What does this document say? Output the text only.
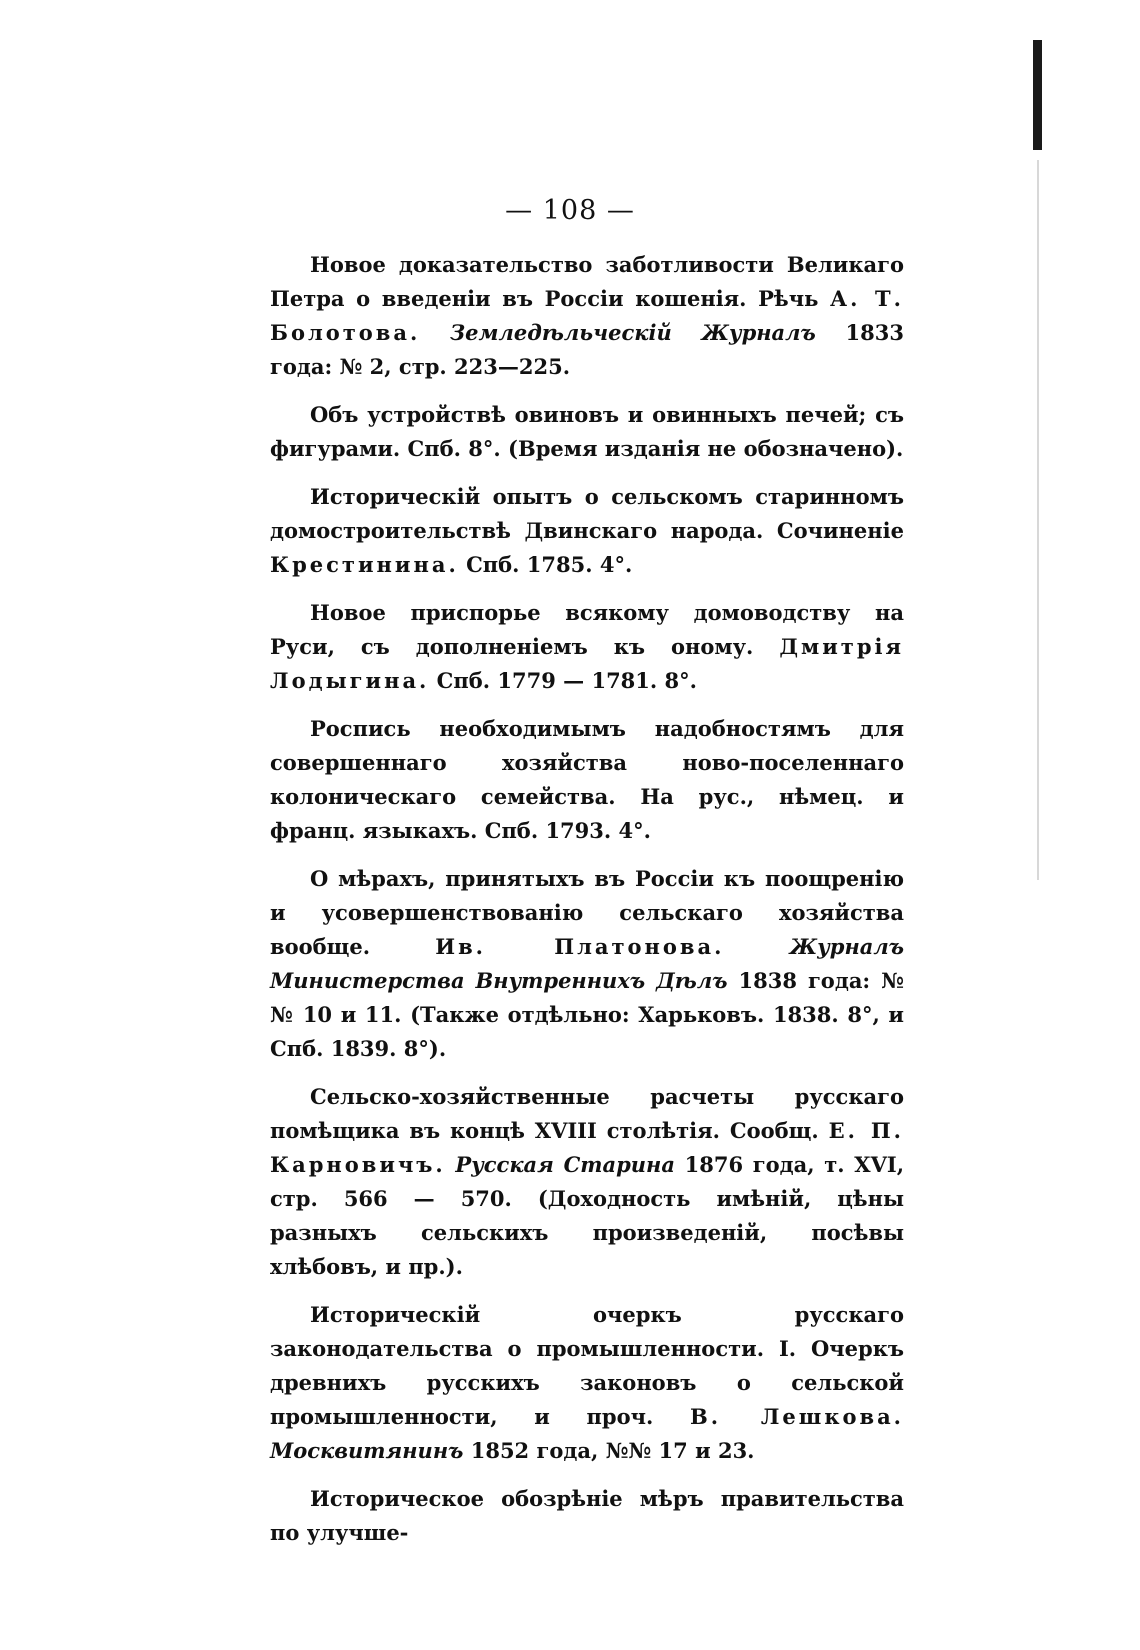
— 108 —

Новое доказательство заботливости Великаго Петра о введенiи въ Россiи кошенiя. Рѣчь А. Т. Болотова. Земледѣльческiй Журналъ 1833 года: № 2, стр. 223—225.

Объ устройствѣ овиновъ и овинныхъ печей; съ фигурами. Спб. 8°. (Время изданiя не обозначено).

Историческiй опытъ о сельскомъ старинномъ домостроительствѣ Двинскаго народа. Сочиненiе Крестинина. Спб. 1785. 4°.

Новое приспорье всякому домоводству на Руси, съ дополненiемъ къ оному. Дмитрiя Лодыгина. Спб. 1779 — 1781. 8°.

Роспись необходимымъ надобностямъ для совершеннаго хозяйства ново-поселеннаго колоническаго семейства. На рус., нѣмец. и франц. языкахъ. Спб. 1793. 4°.

О мѣрахъ, принятыхъ въ Россiи къ поощренiю и усовершенствованiю сельскаго хозяйства вообще. Ив. Платонова.	Журналъ Министерства Внутреннихъ Дѣлъ 1838 года: №№ 10 и 11. (Также отдѣльно: Харьковъ. 1838. 8°, и Спб. 1839. 8°).

Сельско-хозяйственные расчеты русскаго помѣщика въ концѣ XVIII столѣтiя. Сообщ. Е. П. Карновичъ. Русская Старина 1876 года, т. XVI, стр. 566 — 570. (Доходность имѣнiй, цѣны разныхъ сельскихъ произведенiй, посѣвы хлѣбовъ, и пр.).

Историческiй очеркъ русскаго законодательства о промышленности. I. Очеркъ древнихъ русскихъ законовъ о сельской промышленности, и проч. В. Лешкова. Москвитянинъ 1852 года, №№ 17 и 23.

Историческое обозрѣнiе мѣръ правительства по улучше-
